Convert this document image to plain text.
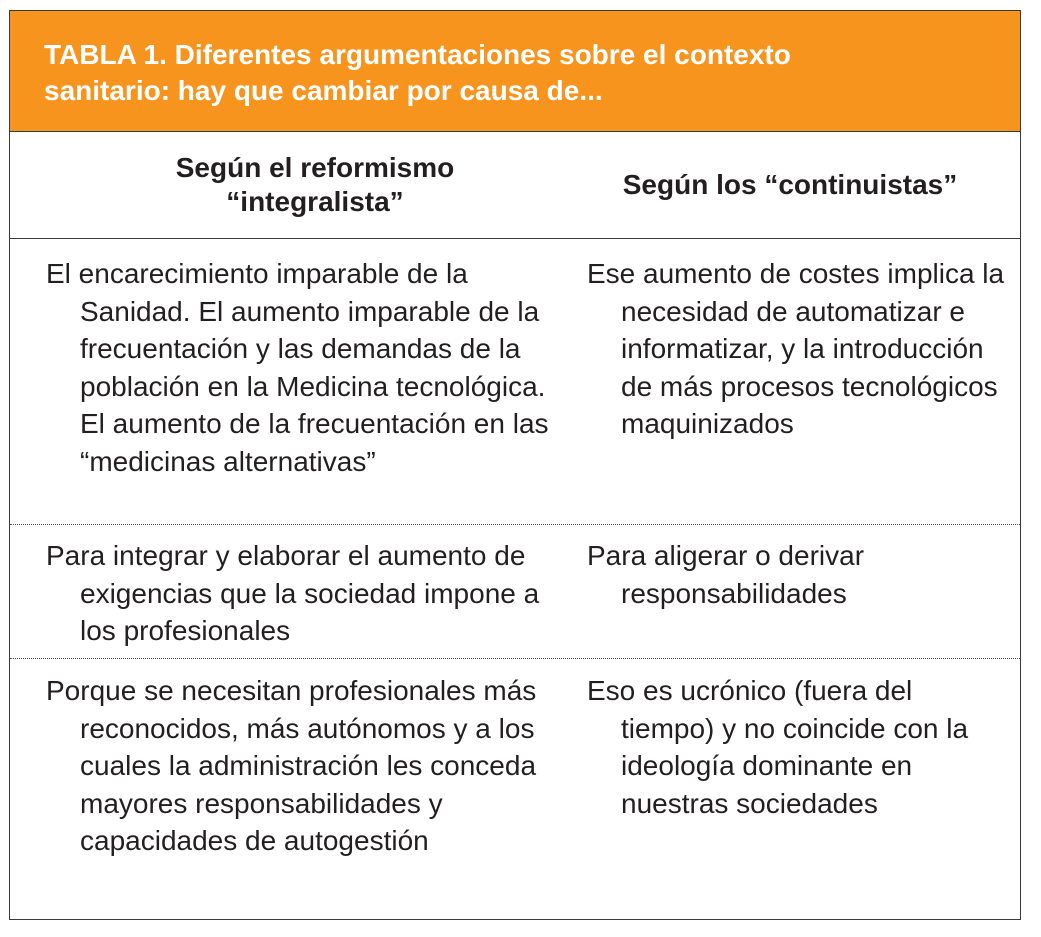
TABLA 1. Diferentes argumentaciones sobre el contexto
sanitario: hay que cambiar por causa de...
Según el reformismo
“integralista”
Según los “continuistas”
El encarecimiento imparable de la Sanidad. El aumento imparable de la frecuentación y las demandas de la población en la Medicina tecnológica. El aumento de la frecuentación en las “medicinas alternativas”
Ese aumento de costes implica la necesidad de automatizar e informatizar, y la introducción de más procesos tecnológicos maquinizados
Para integrar y elaborar el aumento de exigencias que la sociedad impone a los profesionales
Para aligerar o derivar responsabilidades
Porque se necesitan profesionales más reconocidos, más autónomos y a los cuales la administración les conceda mayores responsabilidades y capacidades de autogestión
Eso es ucrónico (fuera del tiempo) y no coincide con la ideología dominante en nuestras sociedades
